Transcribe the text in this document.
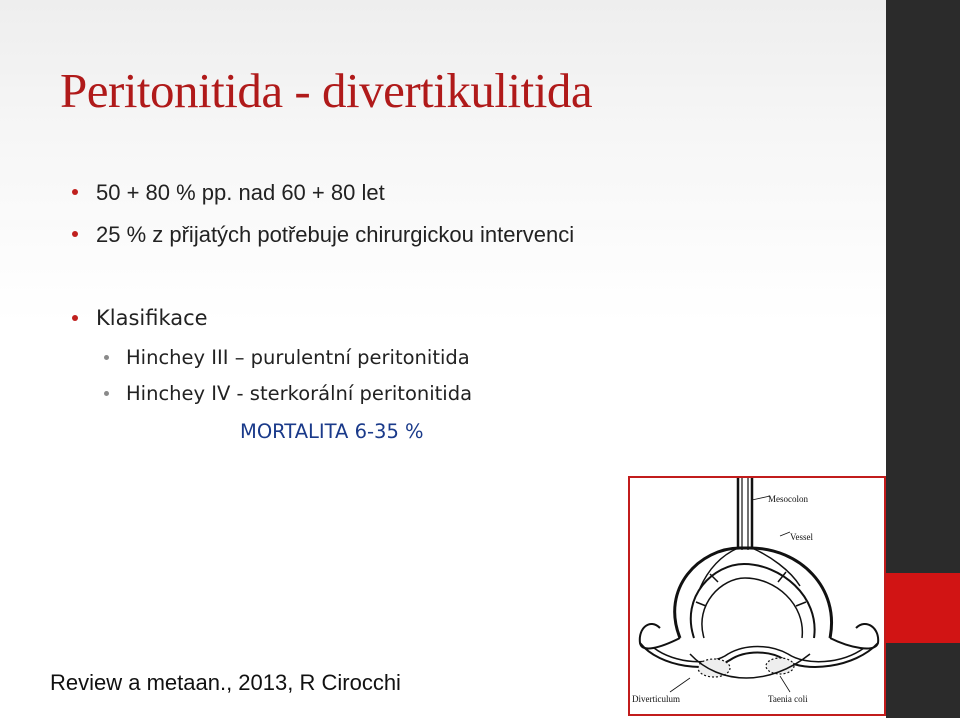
Peritonitida - divertikulitida
50 + 80 % pp. nad 60 + 80 let
25 % z přijatých potřebuje chirurgickou intervenci
Klasifikace
Hinchey III – purulentní peritonitida
Hinchey IV - sterkorální peritonitida
MORTALITA 6-35 %
Mesocolon
Vessel
Diverticulum	Taenia coli
Review a metaan., 2013, R Cirocchi
